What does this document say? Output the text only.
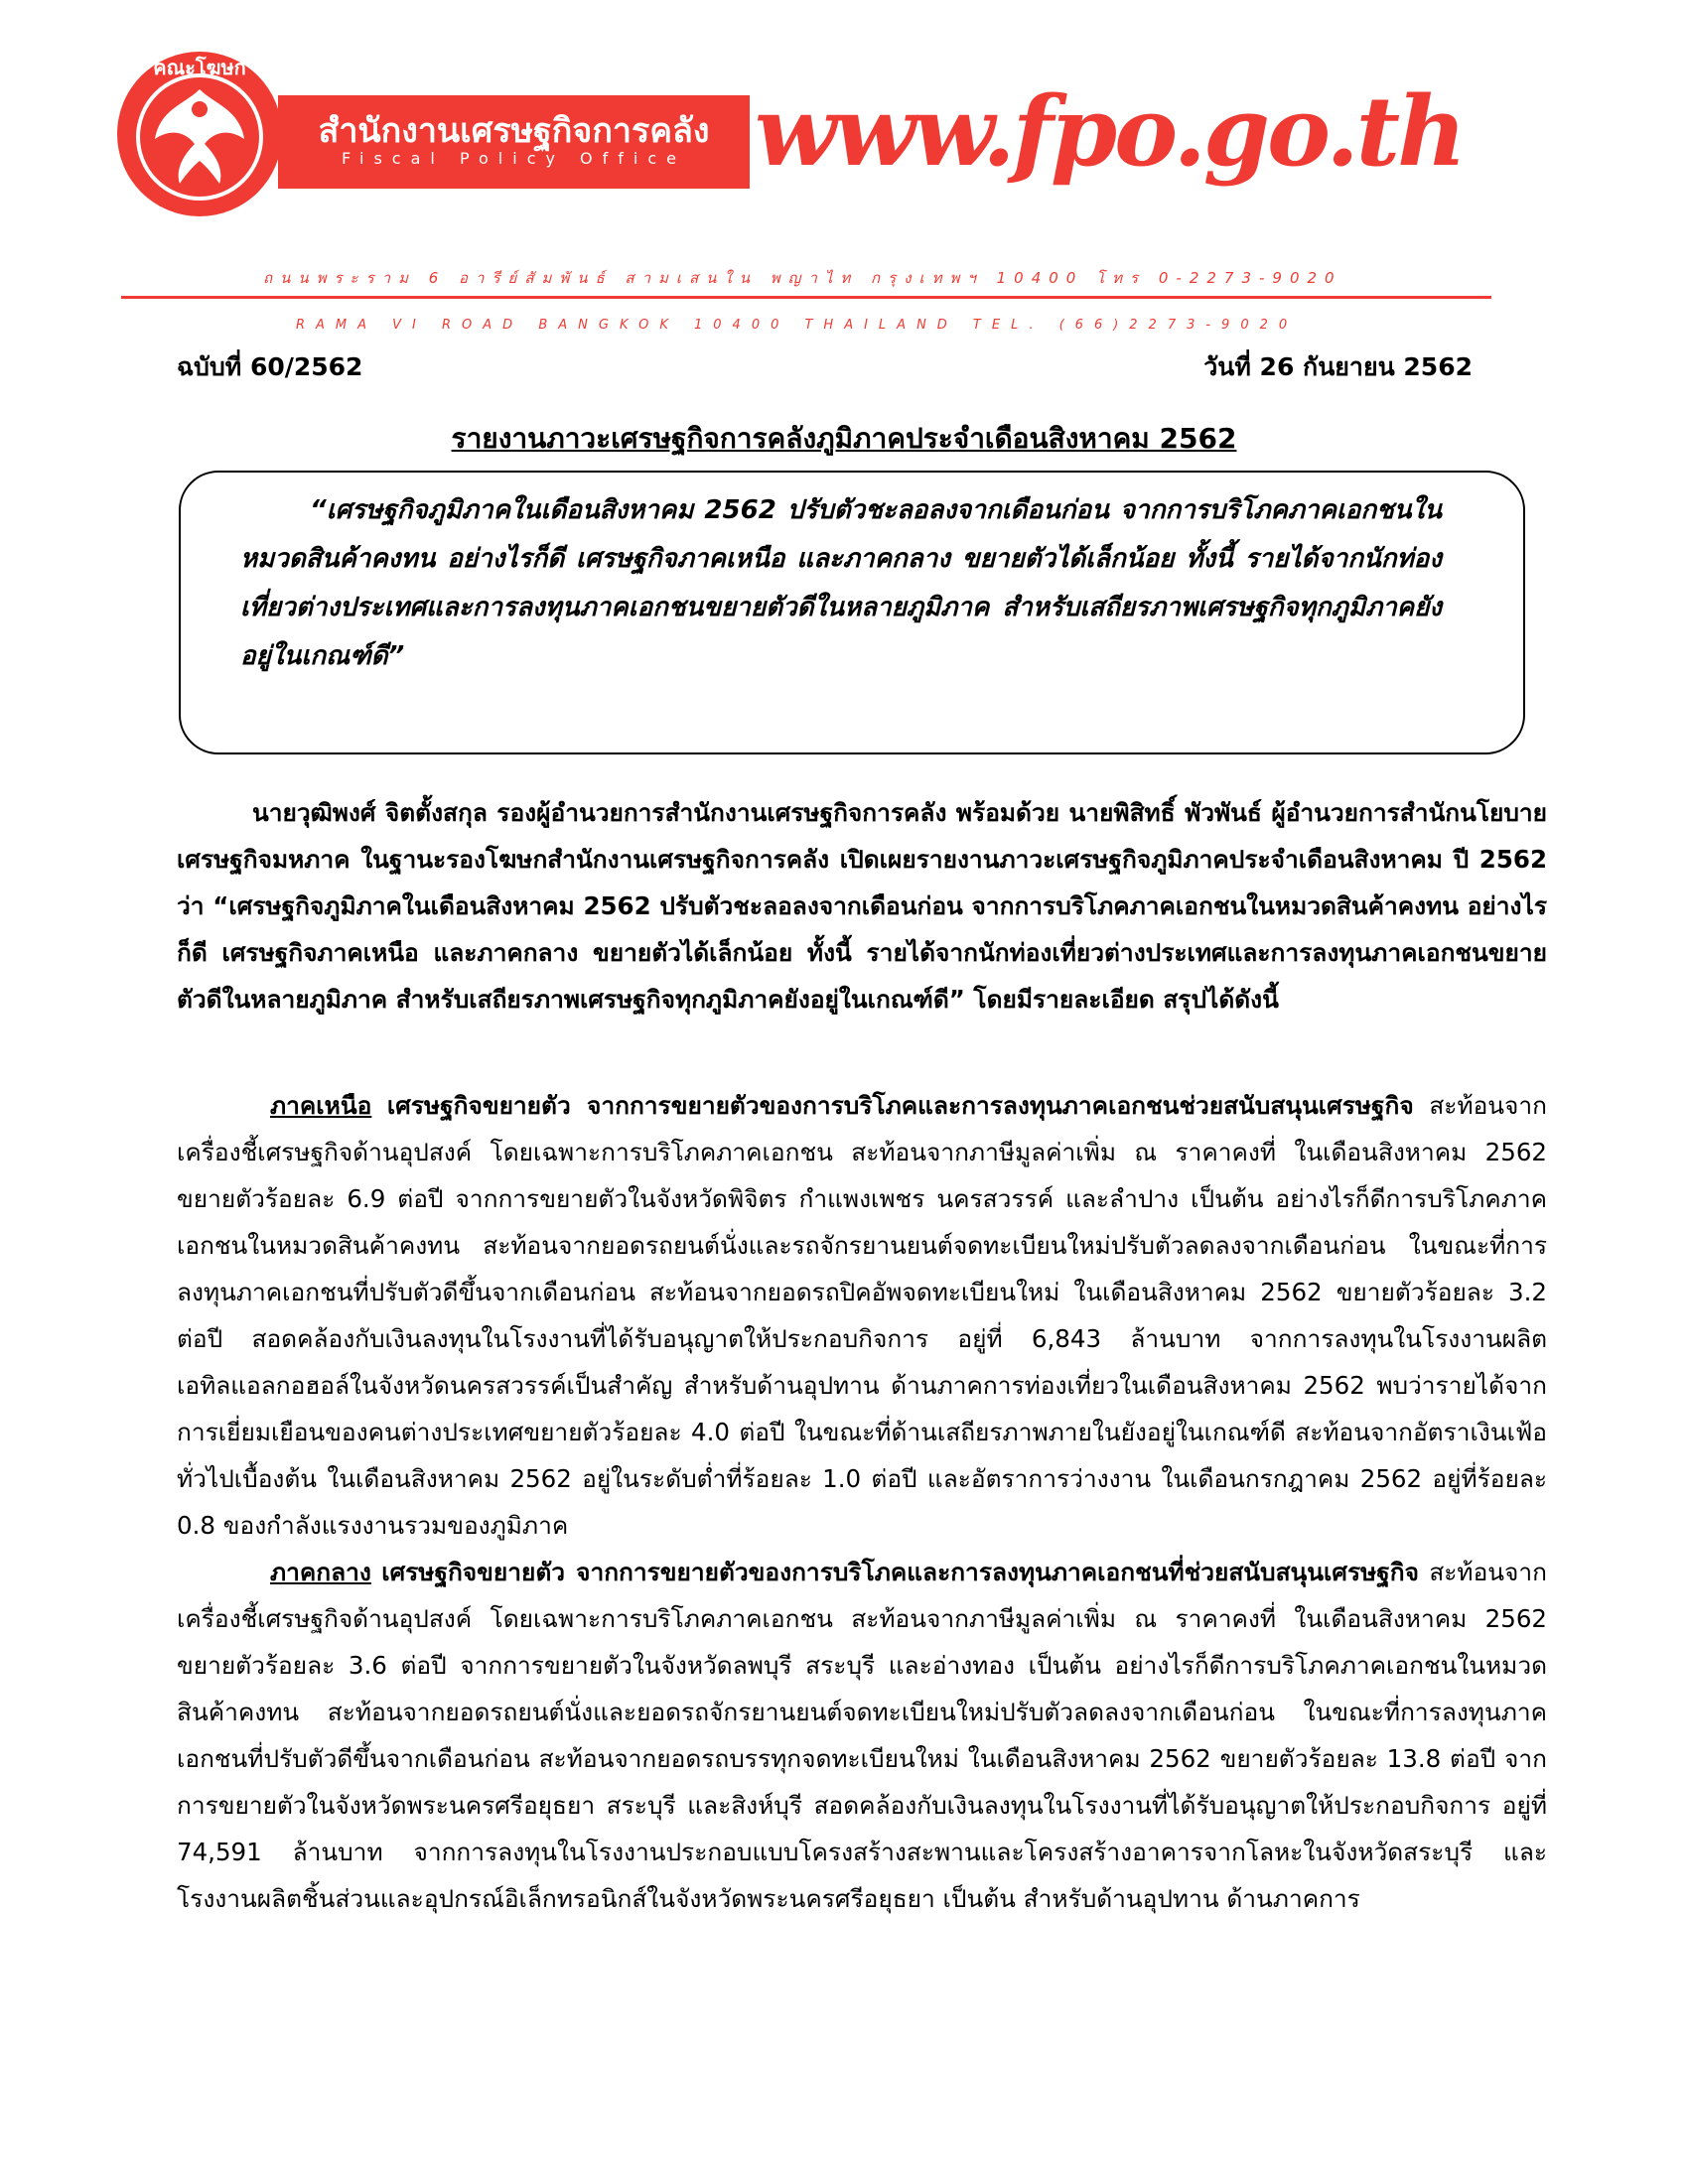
คณะโฆษก
สำนักงานเศรษฐกิจการคลัง
Fiscal Policy Office www.fpo.go.th
ถนนพระราม 6 อารีย์สัมพันธ์ สามเสนใน พญาไท กรุงเทพฯ 10400 โทร 0-2273-9020
RAMA VI ROAD BANGKOK 10400 THAILAND TEL. (66)2273-9020
ฉบับที่ 60/2562	วันที่ 26 กันยายน 2562
รายงานภาวะเศรษฐกิจการคลังภูมิภาคประจำเดือนสิงหาคม 2562

“เศรษฐกิจภูมิภาคในเดือนสิงหาคม 2562 ปรับตัวชะลอลงจากเดือนก่อน จากการบริโภคภาคเอกชนในหมวดสินค้าคงทน อย่างไรก็ดี เศรษฐกิจภาคเหนือ และภาคกลาง ขยายตัวได้เล็กน้อย ทั้งนี้ รายได้จากนักท่องเที่ยวต่างประเทศและการลงทุนภาคเอกชนขยายตัวดีในหลายภูมิภาค สำหรับเสถียรภาพเศรษฐกิจทุกภูมิภาคยังอยู่ในเกณฑ์ดี”

นายวุฒิพงศ์ จิตตั้งสกุล รองผู้อำนวยการสำนักงานเศรษฐกิจการคลัง พร้อมด้วย นายพิสิทธิ์ พัวพันธ์ ผู้อำนวยการสำนักนโยบายเศรษฐกิจมหภาค ในฐานะรองโฆษกสำนักงานเศรษฐกิจการคลัง เปิดเผยรายงานภาวะเศรษฐกิจภูมิภาคประจำเดือนสิงหาคม ปี 2562 ว่า “เศรษฐกิจภูมิภาคในเดือนสิงหาคม 2562 ปรับตัวชะลอลงจากเดือนก่อน จากการบริโภคภาคเอกชนในหมวดสินค้าคงทน อย่างไรก็ดี เศรษฐกิจภาคเหนือ และภาคกลาง ขยายตัวได้เล็กน้อย ทั้งนี้ รายได้จากนักท่องเที่ยวต่างประเทศและการลงทุนภาคเอกชนขยายตัวดีในหลายภูมิภาค สำหรับเสถียรภาพเศรษฐกิจทุกภูมิภาคยังอยู่ในเกณฑ์ดี” โดยมีรายละเอียด สรุปได้ดังนี้

ภาคเหนือ เศรษฐกิจขยายตัว จากการขยายตัวของการบริโภคและการลงทุนภาคเอกชนช่วยสนับสนุนเศรษฐกิจ สะท้อนจากเครื่องชี้เศรษฐกิจด้านอุปสงค์ โดยเฉพาะการบริโภคภาคเอกชน สะท้อนจากภาษีมูลค่าเพิ่ม ณ ราคาคงที่ ในเดือนสิงหาคม 2562 ขยายตัวร้อยละ 6.9 ต่อปี จากการขยายตัวในจังหวัดพิจิตร กำแพงเพชร นครสวรรค์ และลำปาง เป็นต้น อย่างไรก็ดีการบริโภคภาคเอกชนในหมวดสินค้าคงทน สะท้อนจากยอดรถยนต์นั่งและรถจักรยานยนต์จดทะเบียนใหม่ปรับตัวลดลงจากเดือนก่อน ในขณะที่การลงทุนภาคเอกชนที่ปรับตัวดีขึ้นจากเดือนก่อน สะท้อนจากยอดรถปิคอัพจดทะเบียนใหม่ ในเดือนสิงหาคม 2562 ขยายตัวร้อยละ 3.2 ต่อปี สอดคล้องกับเงินลงทุนในโรงงานที่ได้รับอนุญาตให้ประกอบกิจการ อยู่ที่ 6,843 ล้านบาท จากการลงทุนในโรงงานผลิตเอทิลแอลกอฮอล์ในจังหวัดนครสวรรค์เป็นสำคัญ สำหรับด้านอุปทาน ด้านภาคการท่องเที่ยวในเดือนสิงหาคม 2562 พบว่ารายได้จากการเยี่ยมเยือนของคนต่างประเทศขยายตัวร้อยละ 4.0 ต่อปี ในขณะที่ด้านเสถียรภาพภายในยังอยู่ในเกณฑ์ดี สะท้อนจากอัตราเงินเฟ้อทั่วไปเบื้องต้น ในเดือนสิงหาคม 2562 อยู่ในระดับต่ำที่ร้อยละ 1.0 ต่อปี และอัตราการว่างงาน ในเดือนกรกฎาคม 2562 อยู่ที่ร้อยละ 0.8 ของกำลังแรงงานรวมของภูมิภาค

ภาคกลาง เศรษฐกิจขยายตัว จากการขยายตัวของการบริโภคและการลงทุนภาคเอกชนที่ช่วยสนับสนุนเศรษฐกิจ สะท้อนจากเครื่องชี้เศรษฐกิจด้านอุปสงค์ โดยเฉพาะการบริโภคภาคเอกชน สะท้อนจากภาษีมูลค่าเพิ่ม ณ ราคาคงที่ ในเดือนสิงหาคม 2562 ขยายตัวร้อยละ 3.6 ต่อปี จากการขยายตัวในจังหวัดลพบุรี สระบุรี และอ่างทอง เป็นต้น อย่างไรก็ดีการบริโภคภาคเอกชนในหมวดสินค้าคงทน สะท้อนจากยอดรถยนต์นั่งและยอดรถจักรยานยนต์จดทะเบียนใหม่ปรับตัวลดลงจากเดือนก่อน ในขณะที่การลงทุนภาคเอกชนที่ปรับตัวดีขึ้นจากเดือนก่อน สะท้อนจากยอดรถบรรทุกจดทะเบียนใหม่ ในเดือนสิงหาคม 2562 ขยายตัวร้อยละ 13.8 ต่อปี จากการขยายตัวในจังหวัดพระนครศรีอยุธยา สระบุรี และสิงห์บุรี สอดคล้องกับเงินลงทุนในโรงงานที่ได้รับอนุญาตให้ประกอบกิจการ อยู่ที่ 74,591 ล้านบาท จากการลงทุนในโรงงานประกอบแบบโครงสร้างสะพานและโครงสร้างอาคารจากโลหะในจังหวัดสระบุรี และโรงงานผลิตชิ้นส่วนและอุปกรณ์อิเล็กทรอนิกส์ในจังหวัดพระนครศรีอยุธยา เป็นต้น สำหรับด้านอุปทาน ด้านภาคการ
